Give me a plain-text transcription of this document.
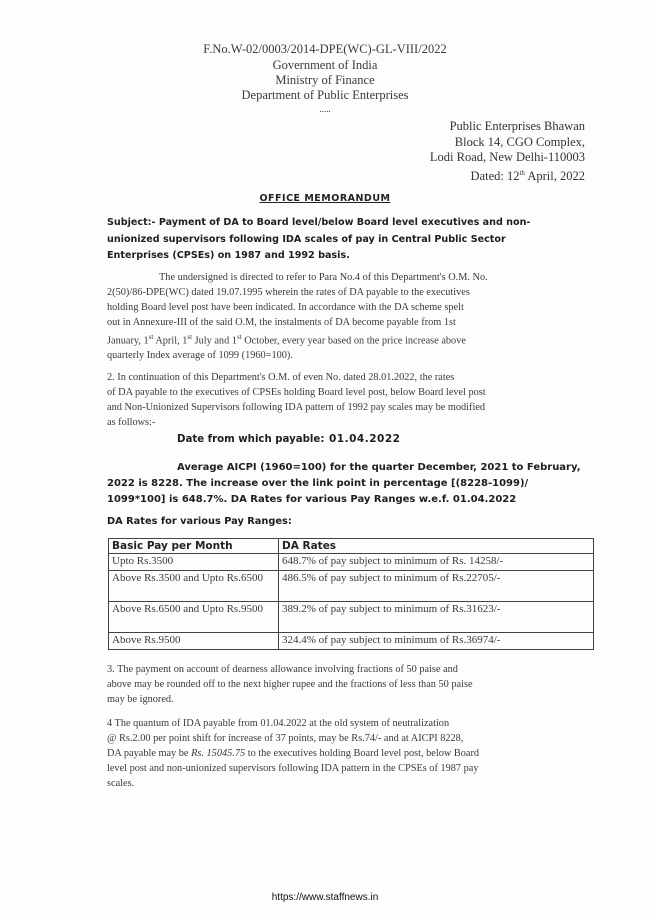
F.No.W-02/0003/2014-DPE(WC)-GL-VIII/2022
Government of India
Ministry of Finance
Department of Public Enterprises
.....
Public Enterprises Bhawan
Block 14, CGO Complex,
Lodi Road, New Delhi-110003
Dated: 12th April, 2022
OFFICE MEMORANDUM
Subject:- Payment of DA to Board level/below Board level executives and non-
unionized supervisors following IDA scales of pay in Central Public Sector
Enterprises (CPSEs) on 1987 and 1992 basis.
The undersigned is directed to refer to Para No.4 of this Department's O.M. No.
2(50)/86-DPE(WC) dated 19.07.1995 wherein the rates of DA payable to the executives
holding Board level post have been indicated. In accordance with the DA scheme spelt
out in Annexure-III of the said O.M, the instalments of DA become payable from 1st
January, 1st April, 1st July and 1st October, every year based on the price increase above
quarterly Index average of 1099 (1960=100).
2. In continuation of this Department's O.M. of even No. dated 28.01.2022, the rates
of DA payable to the executives of CPSEs holding Board level post, below Board level post
and Non-Unionized Supervisors following IDA pattern of 1992 pay scales may be modified
as follows:-
Date from which payable: 01.04.2022
Average AICPI (1960=100) for the quarter December, 2021 to February,
2022 is 8228. The increase over the link point in percentage [(8228-1099)/
1099*100] is 648.7%. DA Rates for various Pay Ranges w.e.f. 01.04.2022
DA Rates for various Pay Ranges:
Basic Pay per Month	DA Rates
Upto Rs.3500	648.7% of pay subject to minimum of Rs. 14258/-
Above Rs.3500 and Upto Rs.6500	486.5% of pay subject to minimum of Rs.22705/-
Above Rs.6500 and Upto Rs.9500	389.2% of pay subject to minimum of Rs.31623/-
Above Rs.9500	324.4% of pay subject to minimum of Rs.36974/-
3. The payment on account of dearness allowance involving fractions of 50 paise and
above may be rounded off to the next higher rupee and the fractions of less than 50 paise
may be ignored.
4 The quantum of IDA payable from 01.04.2022 at the old system of neutralization
@ Rs.2.00 per point shift for increase of 37 points, may be Rs.74/- and at AICPI 8228,
DA payable may be Rs. 15045.75 to the executives holding Board level post, below Board
level post and non-unionized supervisors following IDA pattern in the CPSEs of 1987 pay
scales.
https://www.staffnews.in
